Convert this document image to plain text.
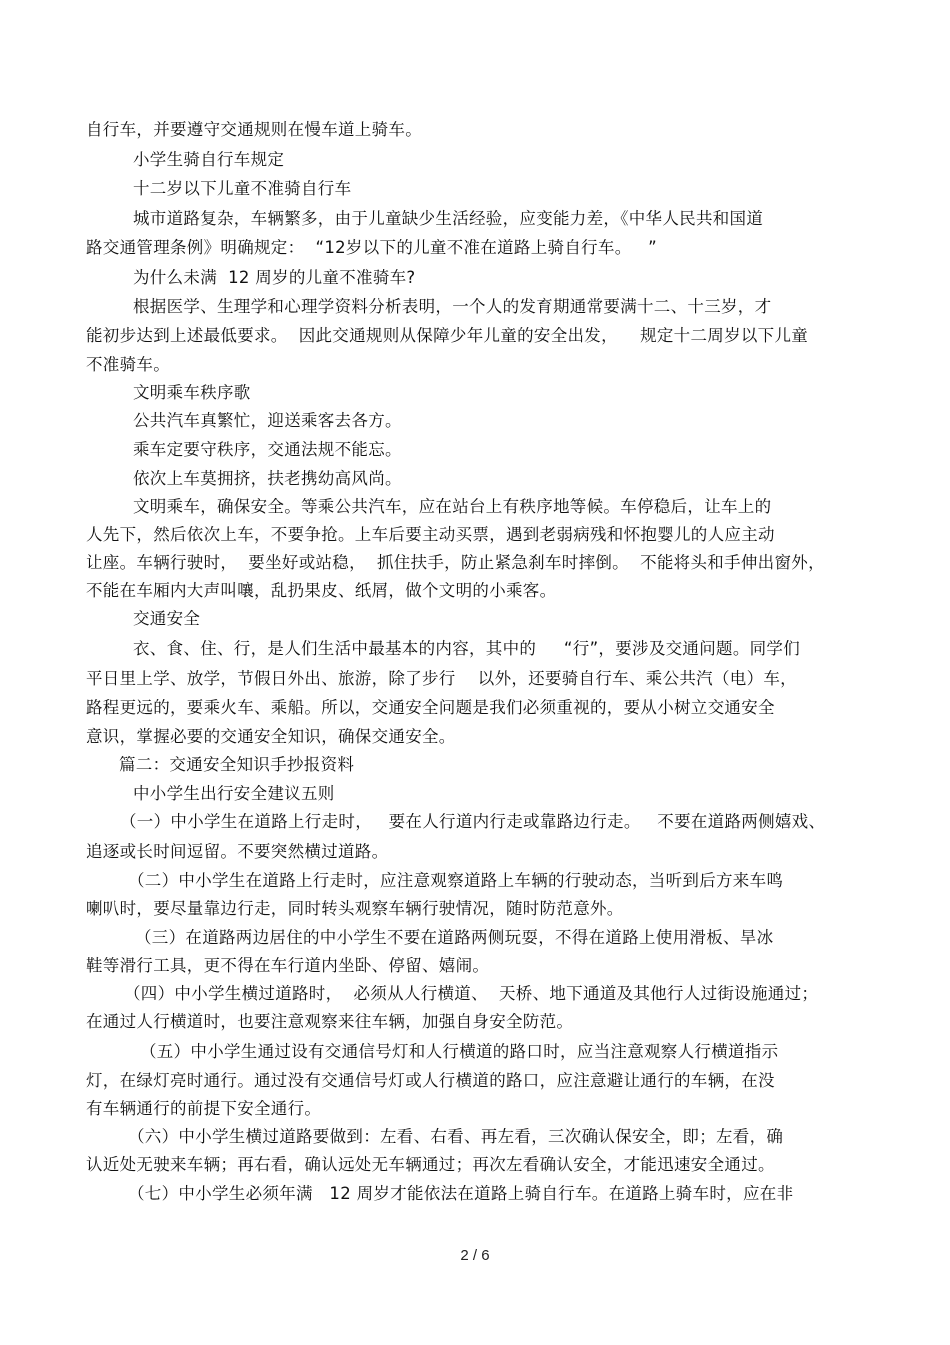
自行车，并要遵守交通规则在慢车道上骑车。
小学生骑自行车规定
十二岁以下儿童不准骑自行车
城市道路复杂，车辆繁多，由于儿童缺少生活经验，应变能力差，《中华人民共和国道
路交通管理条例》明确规定：  “12岁以下的儿童不准在道路上骑自行车。   ”
为什么未满  12 周岁的儿童不准骑车?
根据医学、生理学和心理学资料分析表明，一个人的发育期通常要满十二、十三岁，才
能初步达到上述最低要求。  因此交通规则从保障少年儿童的安全出发，    规定十二周岁以下儿童
不准骑车。
文明乘车秩序歌
公共汽车真繁忙，迎送乘客去各方。
乘车定要守秩序，交通法规不能忘。
依次上车莫拥挤，扶老携幼高风尚。
文明乘车，确保安全。等乘公共汽车，应在站台上有秩序地等候。车停稳后，让车上的
人先下，然后依次上车，不要争抢。上车后要主动买票，遇到老弱病残和怀抱婴儿的人应主动
让座。车辆行驶时，  要坐好或站稳，  抓住扶手，防止紧急刹车时摔倒。  不能将头和手伸出窗外，
不能在车厢内大声叫嚷，乱扔果皮、纸屑，做个文明的小乘客。
交通安全
衣、食、住、行，是人们生活中最基本的内容，其中的     “行”，要涉及交通问题。同学们
平日里上学、放学，节假日外出、旅游，除了步行    以外，还要骑自行车、乘公共汽（电）车，
路程更远的，要乘火车、乘船。所以，交通安全问题是我们必须重视的，要从小树立交通安全
意识，掌握必要的交通安全知识，确保交通安全。
篇二：交通安全知识手抄报资料
中小学生出行安全建议五则
（一）中小学生在道路上行走时，   要在人行道内行走或靠路边行走。   不要在道路两侧嬉戏、
追逐或长时间逗留。不要突然横过道路。
（二）中小学生在道路上行走时，应注意观察道路上车辆的行驶动态，当听到后方来车鸣
喇叭时，要尽量靠边行走，同时转头观察车辆行驶情况，随时防范意外。
（三）在道路两边居住的中小学生不要在道路两侧玩耍，不得在道路上使用滑板、旱冰
鞋等滑行工具，更不得在车行道内坐卧、停留、嬉闹。
（四）中小学生横过道路时，  必须从人行横道、  天桥、地下通道及其他行人过街设施通过；
在通过人行横道时，也要注意观察来往车辆，加强自身安全防范。
（五）中小学生通过设有交通信号灯和人行横道的路口时，应当注意观察人行横道指示
灯，在绿灯亮时通行。通过没有交通信号灯或人行横道的路口，应注意避让通行的车辆，在没
有车辆通行的前提下安全通行。
（六）中小学生横过道路要做到：左看、右看、再左看，三次确认保安全，即；左看，确
认近处无驶来车辆；再右看，确认远处无车辆通过；再次左看确认安全，才能迅速安全通过。
（七）中小学生必须年满   12 周岁才能依法在道路上骑自行车。在道路上骑车时，应在非
2 / 6
